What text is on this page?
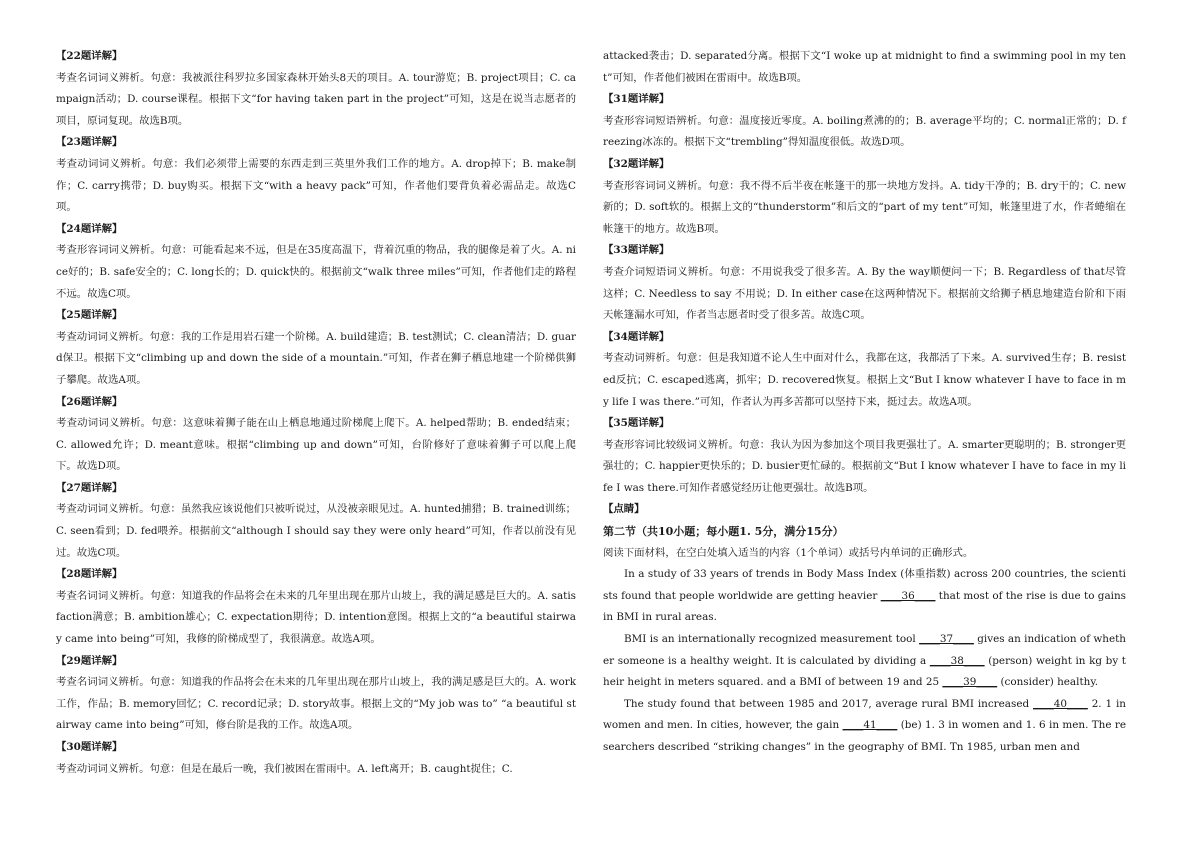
【22题详解】
考查名词词义辨析。句意：我被派往科罗拉多国家森林开始头8天的项目。A. tour游览；B. project项目；C. campaign活动；D. course课程。根据下文“for having taken part in the project”可知，这是在说当志愿者的项目，原词复现。故选B项。
【23题详解】
考查动词词义辨析。句意：我们必须带上需要的东西走到三英里外我们工作的地方。A. drop掉下；B. make制作；C. carry携带；D. buy购买。根据下文“with a heavy pack”可知，作者他们要背负着必需品走。故选C项。
【24题详解】
考查形容词词义辨析。句意：可能看起来不远，但是在35度高温下，背着沉重的物品，我的腿像是着了火。A. nice好的；B. safe安全的；C. long长的；D. quick快的。根据前文“walk three miles”可知，作者他们走的路程不远。故选C项。
【25题详解】
考查动词词义辨析。句意：我的工作是用岩石建一个阶梯。A. build建造；B. test测试；C. clean清洁；D. guard保卫。根据下文“climbing up and down the side of a mountain.”可知，作者在狮子栖息地建一个阶梯供狮子攀爬。故选A项。
【26题详解】
考查动词词义辨析。句意：这意味着狮子能在山上栖息地通过阶梯爬上爬下。A. helped帮助；B. ended结束；C. allowed允许；D. meant意味。根据“climbing up and down”可知，台阶修好了意味着狮子可以爬上爬下。故选D项。
【27题详解】
考查动词词义辨析。句意：虽然我应该说他们只被听说过，从没被亲眼见过。A. hunted捕猎；B. trained训练；C. seen看到；D. fed喂养。根据前文“although I should say they were only heard”可知，作者以前没有见过。故选C项。
【28题详解】
考查名词词义辨析。句意：知道我的作品将会在未来的几年里出现在那片山坡上，我的满足感是巨大的。A. satisfaction满意；B. ambition雄心；C. expectation期待；D. intention意图。根据上文的“a beautiful stairway came into being”可知，我修的阶梯成型了，我很满意。故选A项。
【29题详解】
考查名词词义辨析。句意：知道我的作品将会在未来的几年里出现在那片山坡上，我的满足感是巨大的。A. work工作，作品；B. memory回忆；C. record记录；D. story故事。根据上文的“My job was to” “a beautiful stairway came into being”可知，修台阶是我的工作。故选A项。
【30题详解】
考查动词词义辨析。句意：但是在最后一晚，我们被困在雷雨中。A. left离开；B. caught捉住；C.
attacked袭击；D. separated分离。根据下文“I woke up at midnight to find a swimming pool in my tent”可知，作者他们被困在雷雨中。故选B项。
【31题详解】
考查形容词短语辨析。句意：温度接近零度。A. boiling煮沸的的；B. average平均的；C. normal正常的；D. freezing冰冻的。根据下文“trembling”得知温度很低。故选D项。
【32题详解】
考查形容词词义辨析。句意：我不得不后半夜在帐篷干的那一块地方发抖。A. tidy干净的；B. dry干的；C. new新的；D. soft软的。根据上文的“thunderstorm”和后文的“part of my tent”可知，帐篷里进了水，作者蜷缩在帐篷干的地方。故选B项。
【33题详解】
考查介词短语词义辨析。句意：不用说我受了很多苦。A. By the way顺便问一下；B. Regardless of that尽管这样；C. Needless to say 不用说；D. In either case在这两种情况下。根据前文给狮子栖息地建造台阶和下雨天帐篷漏水可知，作者当志愿者时受了很多苦。故选C项。
【34题详解】
考查动词辨析。句意：但是我知道不论人生中面对什么，我都在这，我都活了下来。A. survived生存；B. resisted反抗；C. escaped逃离，抓牢；D. recovered恢复。根据上文“But I know whatever I have to face in my life I was there.”可知，作者认为再多苦都可以坚持下来，挺过去。故选A项。
【35题详解】
考查形容词比较级词义辨析。句意：我认为因为参加这个项目我更强壮了。A. smarter更聪明的；B. stronger更强壮的；C. happier更快乐的；D. busier更忙碌的。根据前文“But I know whatever I have to face in my life I was there.可知作者感觉经历让他更强壮。故选B项。
【点睛】
第二节（共10小题；每小题1. 5分，满分15分）
阅读下面材料，在空白处填入适当的内容（1个单词）或括号内单词的正确形式。
In a study of 33 years of trends in Body Mass Index (体重指数) across 200 countries, the scientists found that people worldwide are getting heavier ____36____ that most of the rise is due to gains in BMI in rural areas.
BMI is an internationally recognized measurement tool ____37____ gives an indication of whether someone is a healthy weight. It is calculated by dividing a ____38____ (person) weight in kg by their height in meters squared. and a BMI of between 19 and 25 ____39____ (consider) healthy.
The study found that between 1985 and 2017, average rural BMI increased ____40____ 2. 1 in women and men. In cities, however, the gain ____41____ (be) 1. 3 in women and 1. 6 in men. The researchers described “striking changes” in the geography of BMI. Tn 1985, urban men and
